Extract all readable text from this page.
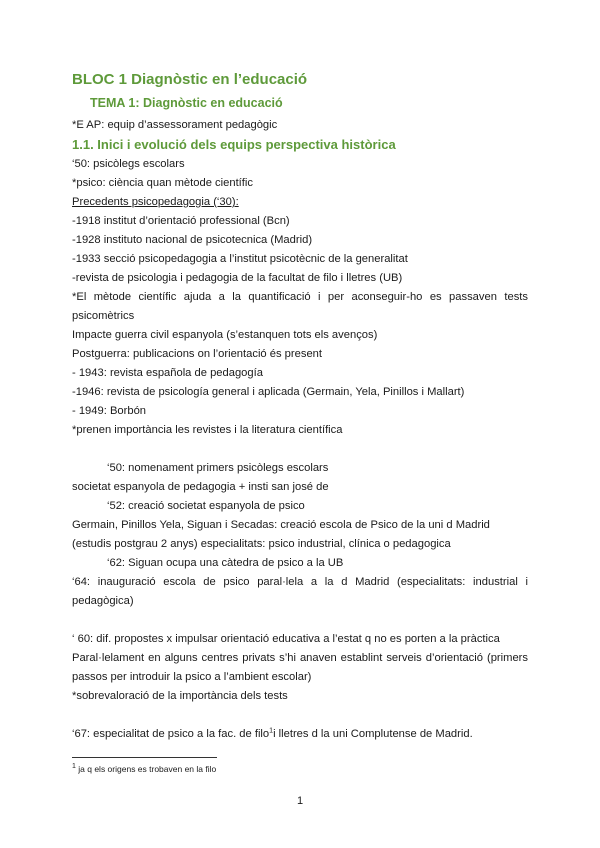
BLOC 1 Diagnòstic en l’educació
TEMA 1: Diagnòstic en educació
*E AP: equip d’assessorament pedagògic
1.1. Inici i evolució dels equips perspectiva històrica
‘50: psicòlegs escolars
*psico: ciència quan mètode científic
Precedents psicopedagogia (‘30):
-1918 institut d’orientació professional (Bcn)
-1928 instituto nacional de psicotecnica (Madrid)
-1933 secció psicopedagogia a l’institut psicotècnic de la generalitat
-revista de psicologia i pedagogia de la facultat de filo i lletres (UB)
*El mètode científic ajuda a la quantificació i per aconseguir-ho es passaven tests
psicomètrics
Impacte guerra civil espanyola (s’estanquen tots els avenços)
Postguerra: publicacions on l’orientació és present
- 1943: revista española de pedagogía
-1946: revista de psicología general i aplicada (Germain, Yela, Pinillos i Mallart)
- 1949: Borbón
*prenen importància les revistes i la literatura científica
‘50: nomenament primers psicòlegs escolars
societat espanyola de pedagogia + insti san josé de
‘52: creació societat espanyola de psico
Germain, Pinillos Yela, Siguan i Secadas: creació escola de Psico de la uni d Madrid
(estudis postgrau 2 anys) especialitats: psico industrial, clínica o pedagogica
‘62: Siguan ocupa una càtedra de psico a la UB
‘64: inauguració escola de psico paral·lela a la d Madrid (especialitats: industrial i
pedagògica)
‘ 60: dif. propostes x impulsar orientació educativa a l’estat q no es porten a la pràctica
Paral·lelament en alguns centres privats s’hi anaven establint serveis d’orientació (primers
passos per introduir la psico a l’ambient escolar)
*sobrevaloració de la importància dels tests
‘67: especialitat de psico a la fac. de filo$^1$i lletres d la uni Complutense de Madrid.
$^1$ ja q els origens es trobaven en la filo
1
